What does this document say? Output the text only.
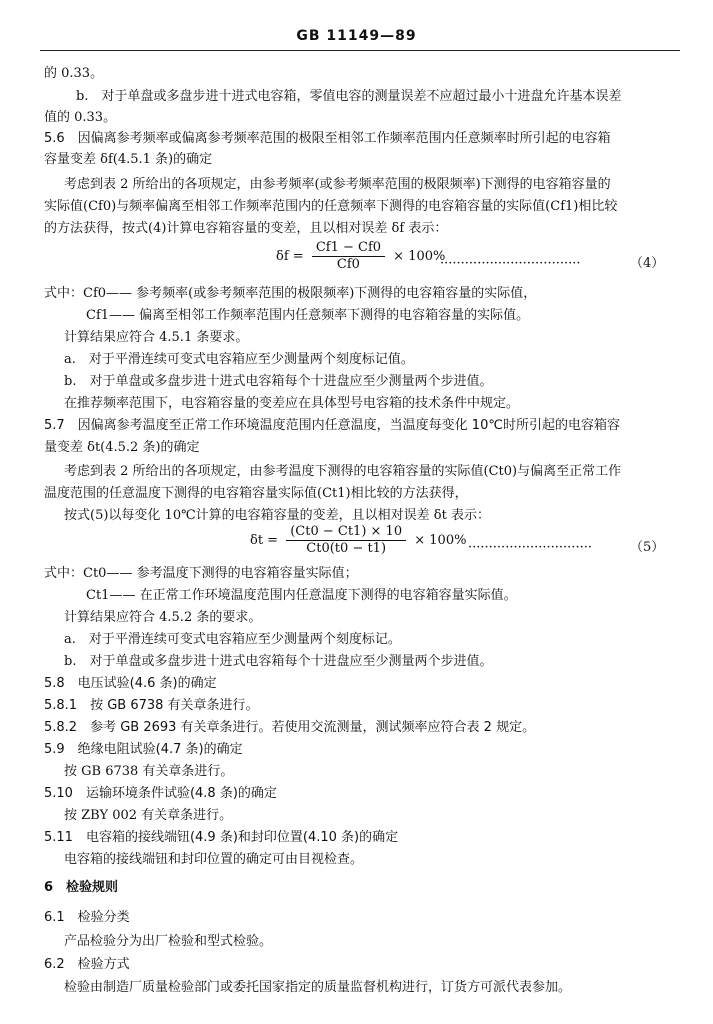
GB 11149—89
的 0.33。
b.　对于单盘或多盘步进十进式电容箱，零值电容的测量误差不应超过最小十进盘允许基本误差
值的 0.33。
5.6　因偏离参考频率或偏离参考频率范围的极限至相邻工作频率范围内任意频率时所引起的电容箱
容量变差 δf(4.5.1 条)的确定
考虑到表 2 所给出的各项规定，由参考频率(或参考频率范围的极限频率)下测得的电容箱容量的
实际值(Cf0)与频率偏离至相邻工作频率范围内的任意频率下测得的电容箱容量的实际值(Cf1)相比较
的方法获得，按式(4)计算电容箱容量的变差，且以相对误差 δf 表示：
$\delta f = \frac{Cf1 - Cf0}{Cf0} \times 100\%$
··································	（4）
式中：Cf0—— 参考频率(或参考频率范围的极限频率)下测得的电容箱容量的实际值，
Cf1—— 偏离至相邻工作频率范围内任意频率下测得的电容箱容量的实际值。
计算结果应符合 4.5.1 条要求。
a.　对于平滑连续可变式电容箱应至少测量两个刻度标记值。
b.　对于单盘或多盘步进十进式电容箱每个十进盘应至少测量两个步进值。
在推荐频率范围下，电容箱容量的变差应在具体型号电容箱的技术条件中规定。
5.7　因偏离参考温度至正常工作环境温度范围内任意温度，当温度每变化 10℃时所引起的电容箱容
量变差 δt(4.5.2 条)的确定
考虑到表 2 所给出的各项规定，由参考温度下测得的电容箱容量的实际值(Ct0)与偏离至正常工作
温度范围的任意温度下测得的电容箱容量实际值(Ct1)相比较的方法获得，
按式(5)以每变化 10℃计算的电容箱容量的变差，且以相对误差 δt 表示：
$\delta t = \frac{(Ct0 - Ct1) \times 10}{Ct0(t0 - t1)} \times 100\%$ ······························	（5）
式中：Ct0—— 参考温度下测得的电容箱容量实际值；
Ct1—— 在正常工作环境温度范围内任意温度下测得的电容箱容量实际值。
计算结果应符合 4.5.2 条的要求。
a.　对于平滑连续可变式电容箱应至少测量两个刻度标记。
b.　对于单盘或多盘步进十进式电容箱每个十进盘应至少测量两个步进值。
5.8　电压试验(4.6 条)的确定
5.8.1　按 GB 6738 有关章条进行。
5.8.2　参考 GB 2693 有关章条进行。若使用交流测量，测试频率应符合表 2 规定。
5.9　绝缘电阻试验(4.7 条)的确定
按 GB 6738 有关章条进行。
5.10　运输环境条件试验(4.8 条)的确定
按 ZBY 002 有关章条进行。
5.11　电容箱的接线端钮(4.9 条)和封印位置(4.10 条)的确定
电容箱的接线端钮和封印位置的确定可由目视检查。
6　检验规则
6.1　检验分类
产品检验分为出厂检验和型式检验。
6.2　检验方式
检验由制造厂质量检验部门或委托国家指定的质量监督机构进行，订货方可派代表参加。
